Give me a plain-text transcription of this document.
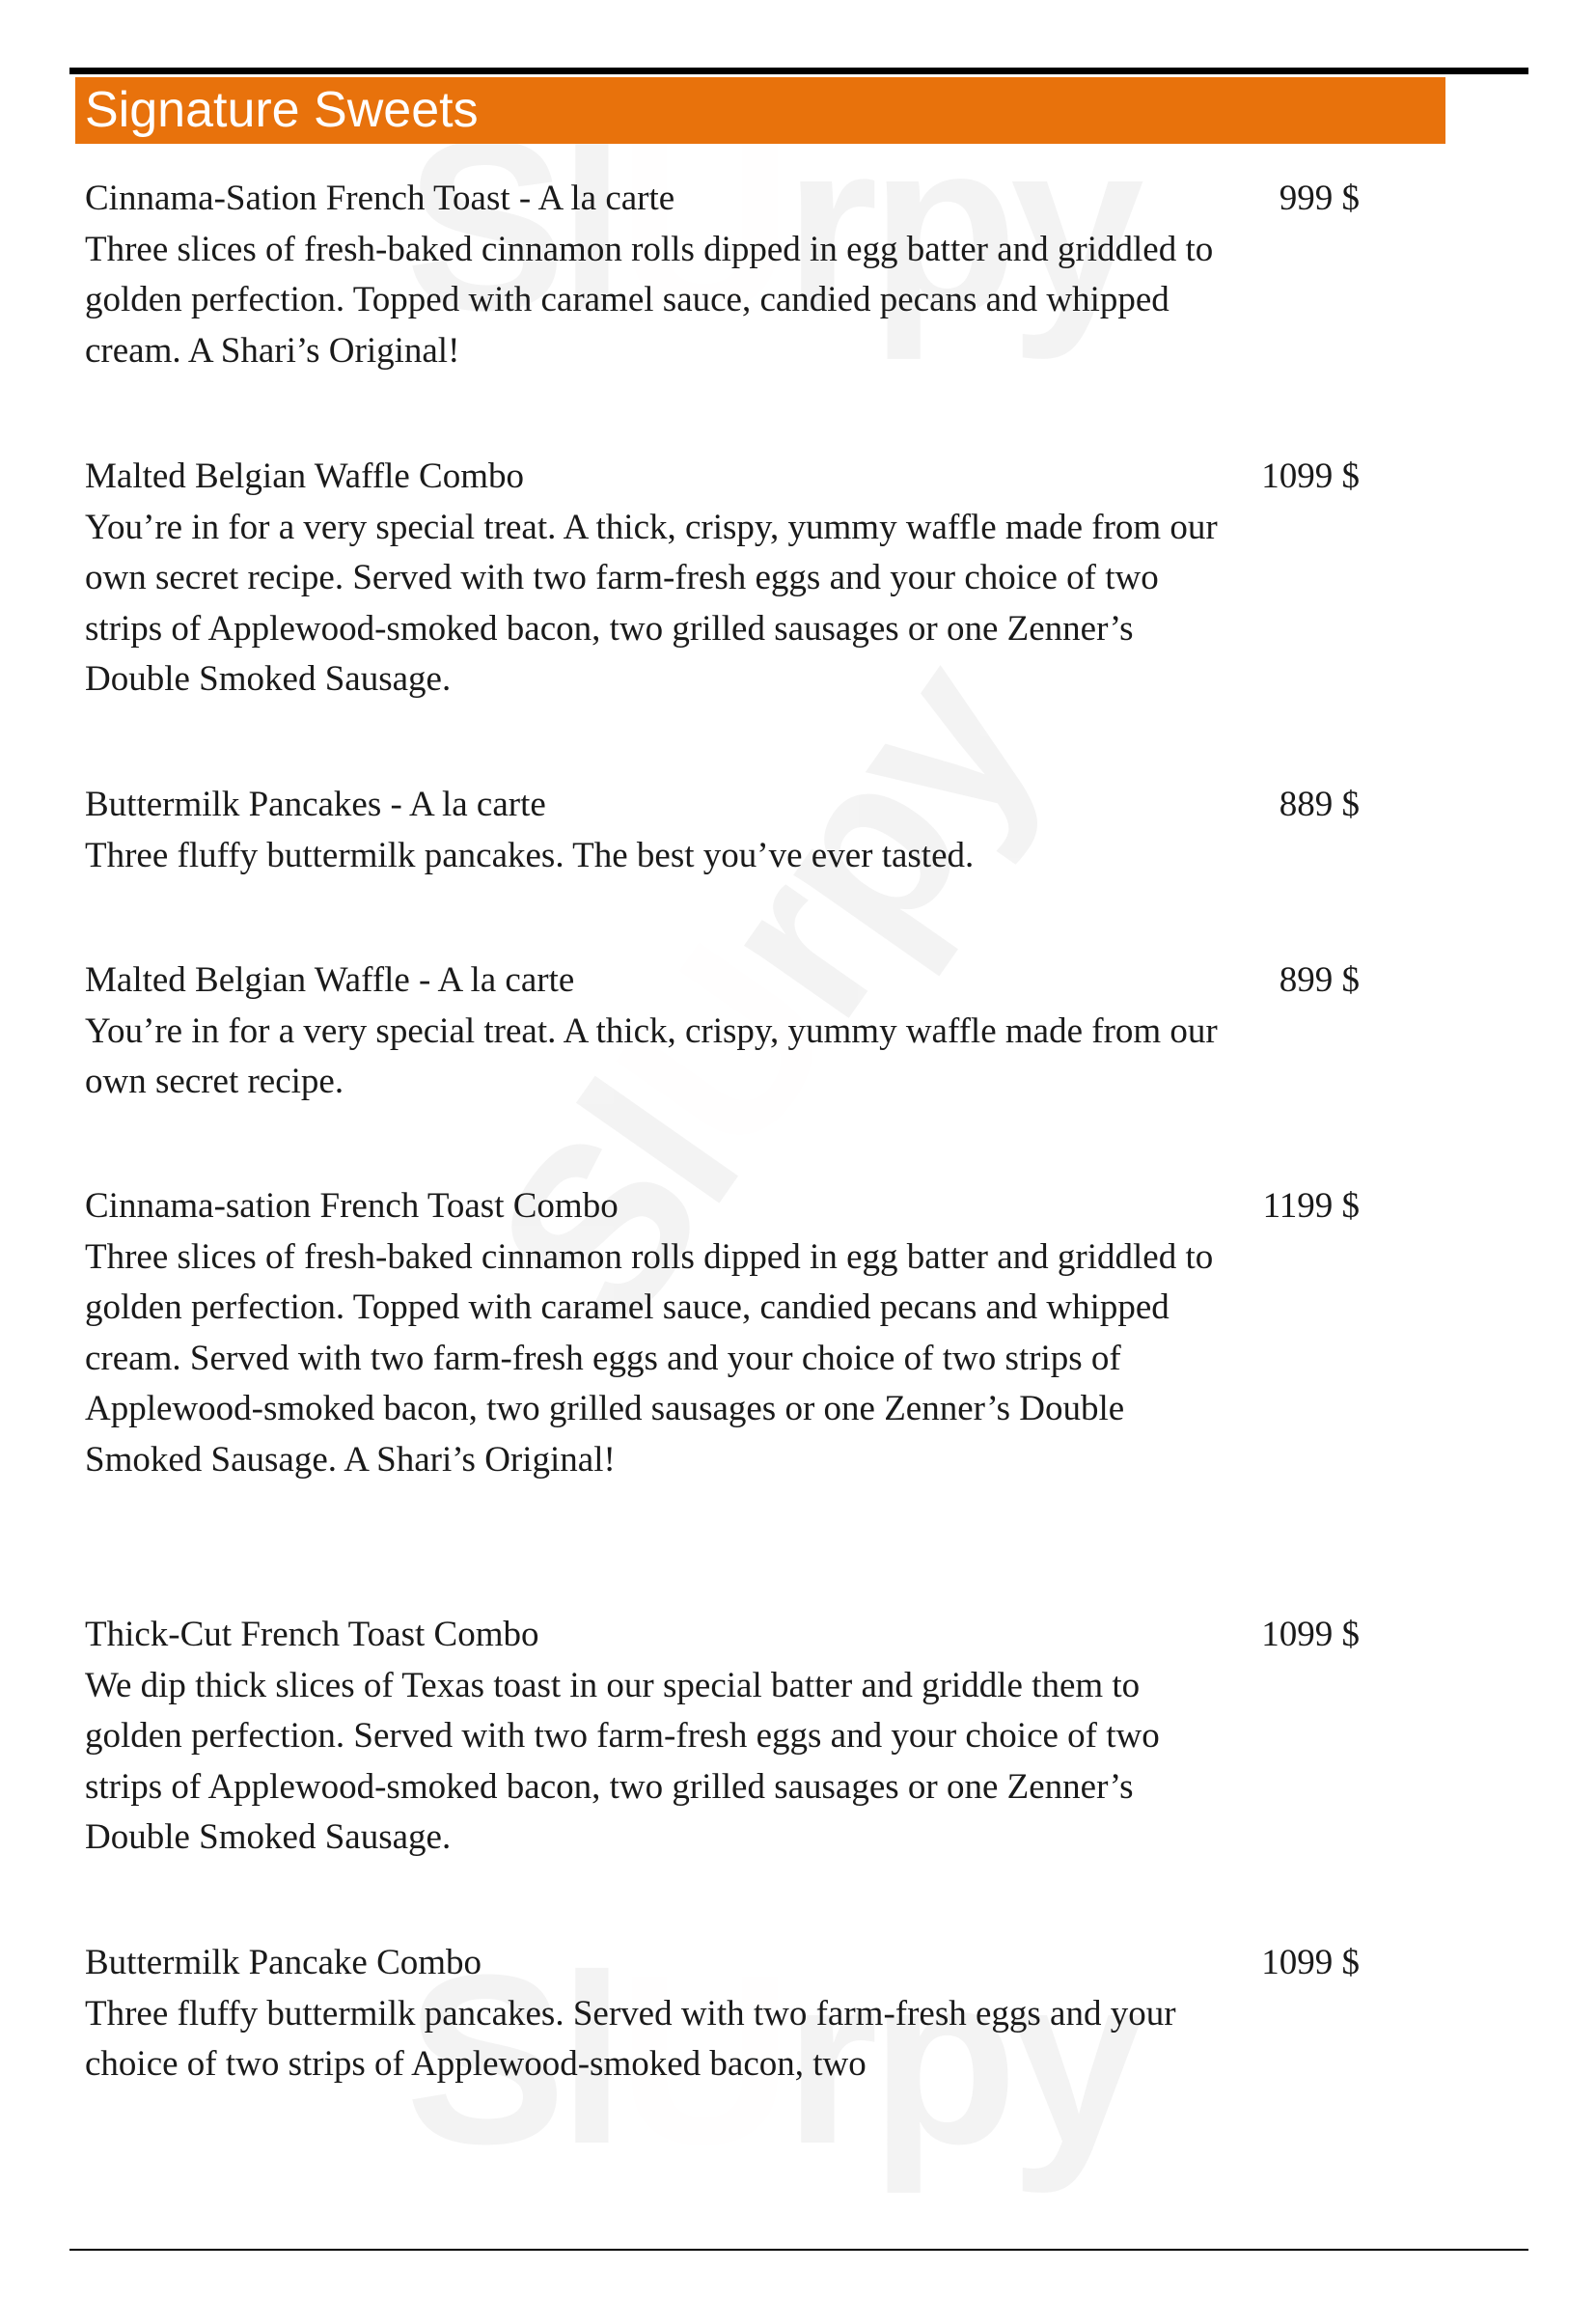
Signature Sweets
Cinnama-Sation French Toast - A la carte	999 $
Three slices of fresh-baked cinnamon rolls dipped in egg batter and griddled to golden perfection. Topped with caramel sauce, candied pecans and whipped cream. A Shari’s Original!
Malted Belgian Waffle Combo	1099 $
You’re in for a very special treat. A thick, crispy, yummy waffle made from our own secret recipe. Served with two farm-fresh eggs and your choice of two strips of Applewood-smoked bacon, two grilled sausages or one Zenner’s Double Smoked Sausage.
Buttermilk Pancakes - A la carte	889 $
Three fluffy buttermilk pancakes. The best you’ve ever tasted.
Malted Belgian Waffle - A la carte	899 $
You’re in for a very special treat. A thick, crispy, yummy waffle made from our own secret recipe.
Cinnama-sation French Toast Combo	1199 $
Three slices of fresh-baked cinnamon rolls dipped in egg batter and griddled to golden perfection. Topped with caramel sauce, candied pecans and whipped cream. Served with two farm-fresh eggs and your choice of two strips of Applewood-smoked bacon, two grilled sausages or one Zenner’s Double Smoked Sausage. A Shari’s Original!
Thick-Cut French Toast Combo	1099 $
We dip thick slices of Texas toast in our special batter and griddle them to golden perfection. Served with two farm-fresh eggs and your choice of two strips of Applewood-smoked bacon, two grilled sausages or one Zenner’s Double Smoked Sausage.
Buttermilk Pancake Combo	1099 $
Three fluffy buttermilk pancakes. Served with two farm-fresh eggs and your choice of two strips of Applewood-smoked bacon, two
